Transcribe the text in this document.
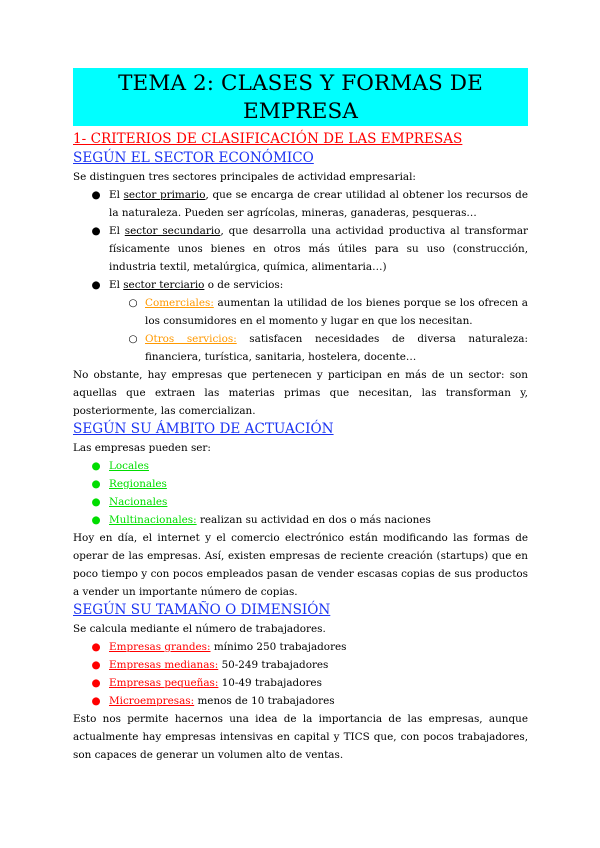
TEMA 2: CLASES Y FORMAS DE EMPRESA
1- CRITERIOS DE CLASIFICACIÓN DE LAS EMPRESAS
SEGÚN EL SECTOR ECONÓMICO

Se distinguen tres sectores principales de actividad empresarial:

● El sector primario, que se encarga de crear utilidad al obtener los recursos de la naturaleza. Pueden ser agrícolas, mineras, ganaderas, pesqueras…
● El sector secundario, que desarrolla una actividad productiva al transformar físicamente unos bienes en otros más útiles para su uso (construcción, industria textil, metalúrgica, química, alimentaria…)
● El sector terciario o de servicios:
○ Comerciales: aumentan la utilidad de los bienes porque se los ofrecen a los consumidores en el momento y lugar en que los necesitan.
○ Otros servicios: satisfacen necesidades de diversa naturaleza: financiera, turística, sanitaria, hostelera, docente…

No obstante, hay empresas que pertenecen y participan en más de un sector: son aquellas que extraen las materias primas que necesitan, las transforman y, posteriormente, las comercializan.

SEGÚN SU ÁMBITO DE ACTUACIÓN

Las empresas pueden ser:

● Locales
● Regionales
● Nacionales
● Multinacionales: realizan su actividad en dos o más naciones

Hoy en día, el internet y el comercio electrónico están modificando las formas de operar de las empresas. Así, existen empresas de reciente creación (startups) que en poco tiempo y con pocos empleados pasan de vender escasas copias de sus productos a vender un importante número de copias.

SEGÚN SU TAMAÑO O DIMENSIÓN

Se calcula mediante el número de trabajadores.

● Empresas grandes: mínimo 250 trabajadores
● Empresas medianas: 50-249 trabajadores
● Empresas pequeñas: 10-49 trabajadores
● Microempresas: menos de 10 trabajadores

Esto nos permite hacernos una idea de la importancia de las empresas, aunque actualmente hay empresas intensivas en capital y TICS que, con pocos trabajadores, son capaces de generar un volumen alto de ventas.
